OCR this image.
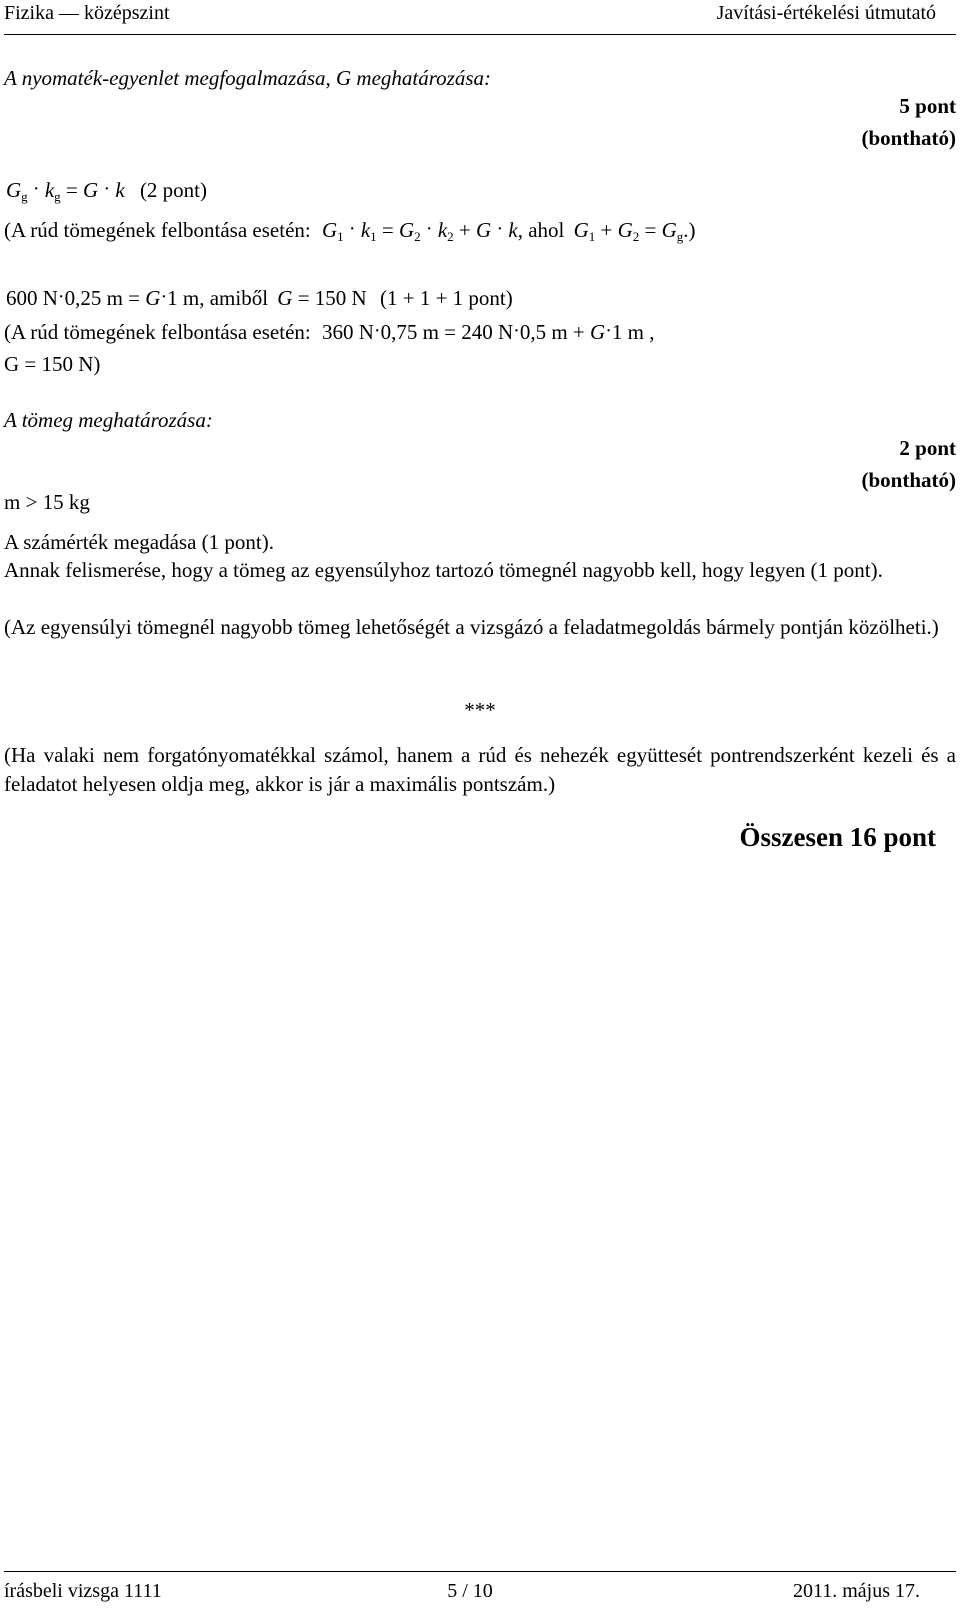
Fizika — középszint	Javítási-értékelési útmutató
A nyomaték-egyenlet megfogalmazása, G meghatározása:
5 pont
(bontható)
$G_g \cdot k_g = G \cdot k$ (2 pont)
(A rúd tömegének felbontása esetén: $G_1 \cdot k_1 = G_2 \cdot k_2 + G \cdot k$, ahol $G_1 + G_2 = G_g$.)
600 N·0,25 m = G·1 m, amiből G = 150 N (1 + 1 + 1 pont)
(A rúd tömegének felbontása esetén: 360 N·0,75 m = 240 N·0,5 m + G·1 m ,
G = 150 N)
A tömeg meghatározása:
2 pont
(bontható)
m > 15 kg
A számérték megadása (1 pont).
Annak felismerése, hogy a tömeg az egyensúlyhoz tartozó tömegnél nagyobb kell, hogy legyen (1 pont).
(Az egyensúlyi tömegnél nagyobb tömeg lehetőségét a vizsgázó a feladatmegoldás bármely pontján közölheti.)
***
(Ha valaki nem forgatónyomatékkal számol, hanem a rúd és nehezék együttesét pontrendszerként kezeli és a feladatot helyesen oldja meg, akkor is jár a maximális pontszám.)
Összesen 16 pont
írásbeli vizsga 1111	5 / 10	2011. május 17.
